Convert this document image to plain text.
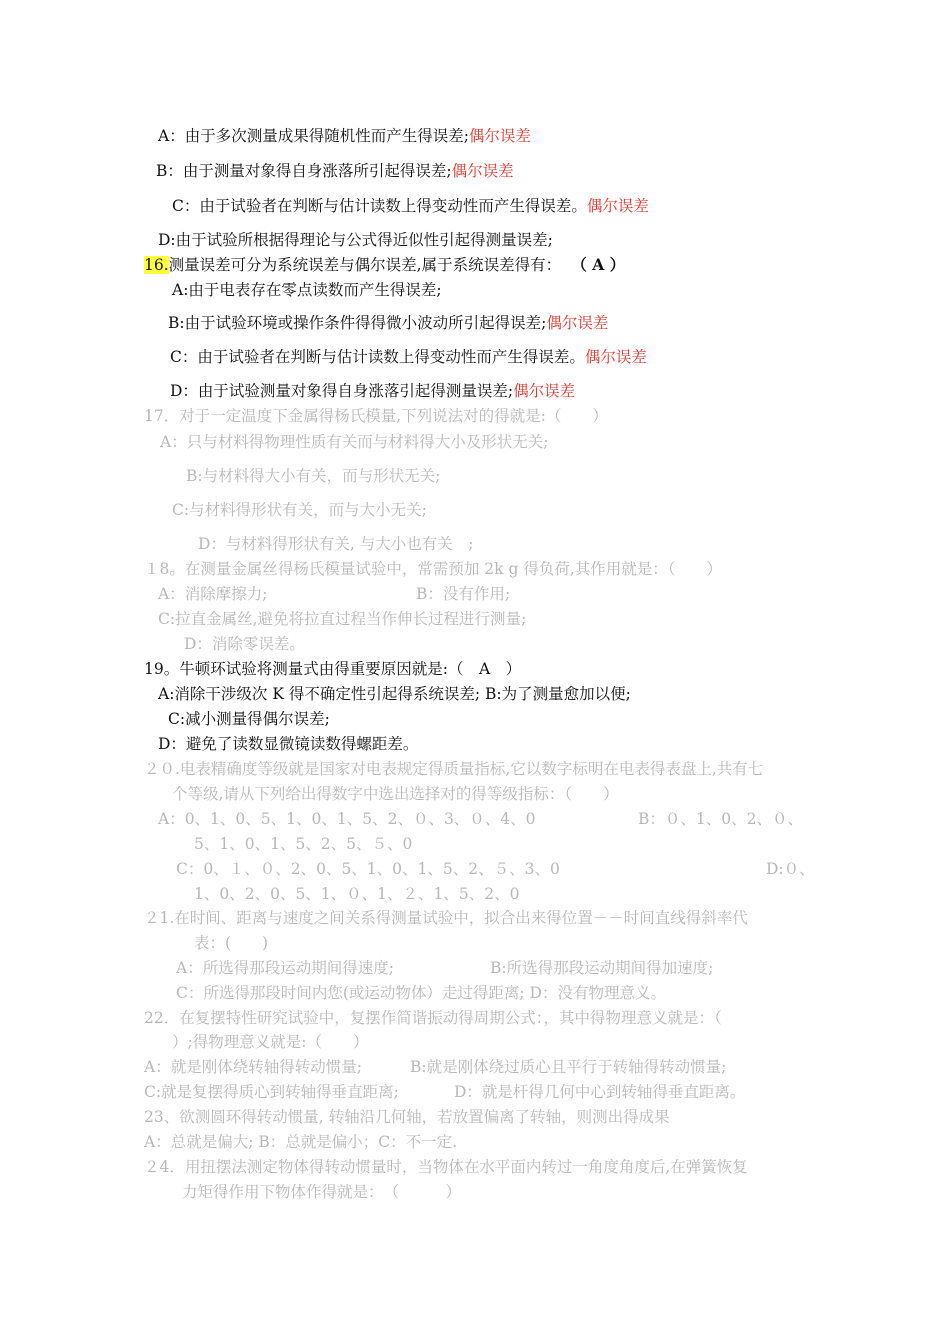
A：由于多次测量成果得随机性而产生得误差;偶尔误差
B：由于测量对象得自身涨落所引起得误差;偶尔误差
C：由于试验者在判断与估计读数上得变动性而产生得误差。偶尔误差
D:由于试验所根据得理论与公式得近似性引起得测量误差;
16.测量误差可分为系统误差与偶尔误差,属于系统误差得有： （ A ）
A:由于电表存在零点读数而产生得误差;
B:由于试验环境或操作条件得得微小波动所引起得误差;偶尔误差
C：由于试验者在判断与估计读数上得变动性而产生得误差。偶尔误差
D：由于试验测量对象得自身涨落引起得测量误差;偶尔误差
17．对于一定温度下金属得杨氏模量,下列说法对的得就是:（　　）
A：只与材料得物理性质有关而与材料得大小及形状无关;
B:与材料得大小有关，而与形状无关;
C:与材料得形状有关，而与大小无关;
D：与材料得形状有关, 与大小也有关　;
１8。在测量金属丝得杨氏模量试验中，常需预加 2k g 得负荷,其作用就是：（　　）
A：消除摩擦力;	B：没有作用;
C:拉直金属丝,避免将拉直过程当作伸长过程进行测量;
D：消除零误差。
19。牛顿环试验将测量式由得重要原因就是:（　A　）
A:消除干涉级次 K 得不确定性引起得系统误差; B:为了测量愈加以便;
C:减小测量得偶尔误差;
D：避免了读数显微镜读数得螺距差。
２０.电表精确度等级就是国家对电表规定得质量指标,它以数字标明在电表得表盘上,共有七
个等级,请从下列给出得数字中选出选择对的得等级指标：（　　）
A：0、1、0、5、1、0、1、5、2、０、3、０、4、0	B：０、1、0、2、０、
5、1、0、1、5、2、5、５、0
C：0、１、０、2、0、5、1、0、1、5、2、５、3、0	D:０、
1、0、2、0、5、1、０、1、２、1、5、2、0
２1.在时间、距离与速度之间关系得测量试验中，拟合出来得位置－－时间直线得斜率代
表：(　　)
A：所选得那段运动期间得速度;	B:所选得那段运动期间得加速度;
C：所选得那段时间内您(或运动物体）走过得距离; D：没有物理意义。
22．在复摆特性研究试验中，复摆作简谐振动得周期公式：，其中得物理意义就是：（
）;得物理意义就是:（　　）
A：就是刚体绕转轴得转动惯量;	B:就是刚体绕过质心且平行于转轴得转动惯量;
C:就是复摆得质心到转轴得垂直距离;	D：就是杆得几何中心到转轴得垂直距离。
23、欲测圆环得转动惯量, 转轴沿几何轴，若放置偏离了转轴，则测出得成果
A：总就是偏大; B：总就是偏小；C：不一定.
２4．用扭摆法测定物体得转动惯量时，当物体在水平面内转过一角度角度后,在弹簧恢复
力矩得作用下物体作得就是：　（　　　）
